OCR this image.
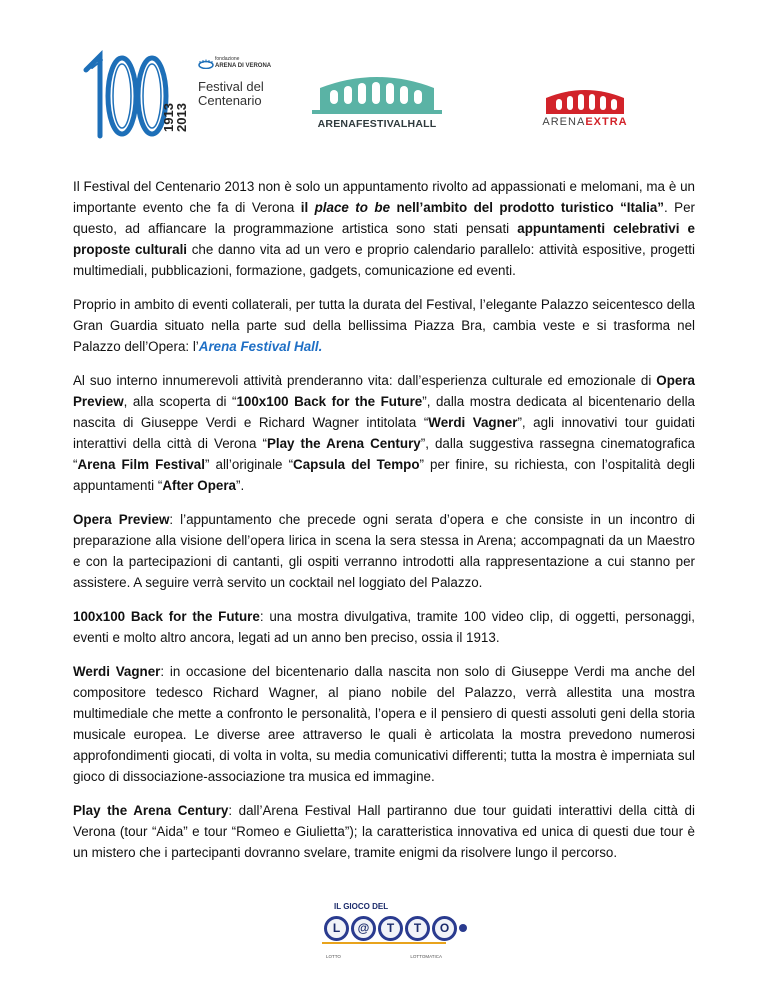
1913
2013
fondazione
ARENA DI VERONA
Festival del
Centenario
ARENAFESTIVALHALL	ARENAEXTRA

Il Festival del Centenario 2013 non è solo un appuntamento rivolto ad appassionati e melomani, ma è un importante evento che fa di Verona il place to be nell’ambito del prodotto turistico “Italia”. Per questo, ad affiancare la programmazione artistica sono stati pensati appuntamenti celebrativi e proposte culturali che danno vita ad un vero e proprio calendario parallelo: attività espositive, progetti multimediali, pubblicazioni, formazione, gadgets, comunicazione ed eventi.

Proprio in ambito di eventi collaterali, per tutta la durata del Festival, l’elegante Palazzo seicentesco della Gran Guardia situato nella parte sud della bellissima Piazza Bra, cambia veste e si trasforma nel Palazzo dell’Opera: l’Arena Festival Hall.

Al suo interno innumerevoli attività prenderanno vita: dall’esperienza culturale ed emozionale di Opera Preview, alla scoperta di “100x100 Back for the Future”, dalla mostra dedicata al bicentenario della nascita di Giuseppe Verdi e Richard Wagner intitolata “Werdi Vagner”, agli innovativi tour guidati interattivi della città di Verona “Play the Arena Century”, dalla suggestiva rassegna cinematografica “Arena Film Festival” all’originale “Capsula del Tempo” per finire, su richiesta, con l’ospitalità degli appuntamenti “After Opera”.

Opera Preview: l’appuntamento che precede ogni serata d’opera e che consiste in un incontro di preparazione alla visione dell’opera lirica in scena la sera stessa in Arena; accompagnati da un Maestro e con la partecipazioni di cantanti, gli ospiti verranno introdotti alla rappresentazione a cui stanno per assistere. A seguire verrà servito un cocktail nel loggiato del Palazzo.

100x100 Back for the Future: una mostra divulgativa, tramite 100 video clip, di oggetti, personaggi, eventi e molto altro ancora, legati ad un anno ben preciso, ossia il 1913.

Werdi Vagner: in occasione del bicentenario dalla nascita non solo di Giuseppe Verdi ma anche del compositore tedesco Richard Wagner, al piano nobile del Palazzo, verrà allestita una mostra multimediale che mette a confronto le personalità, l’opera e il pensiero di questi assoluti geni della storia musicale europea. Le diverse aree attraverso le quali è articolata la mostra prevedono numerosi approfondimenti giocati, di volta in volta, su media comunicativi differenti; tutta la mostra è imperniata sul gioco di dissociazione-associazione tra musica ed immagine.

Play the Arena Century: dall’Arena Festival Hall partiranno due tour guidati interattivi della città di Verona (tour “Aida” e tour “Romeo e Giulietta”); la caratteristica innovativa ed unica di questi due tour è un mistero che i partecipanti dovranno svelare, tramite enigmi da risolvere lungo il percorso.

IL GIOCO DEL
L	@	T	T	O
LOTTO	LOTTOMATICA
